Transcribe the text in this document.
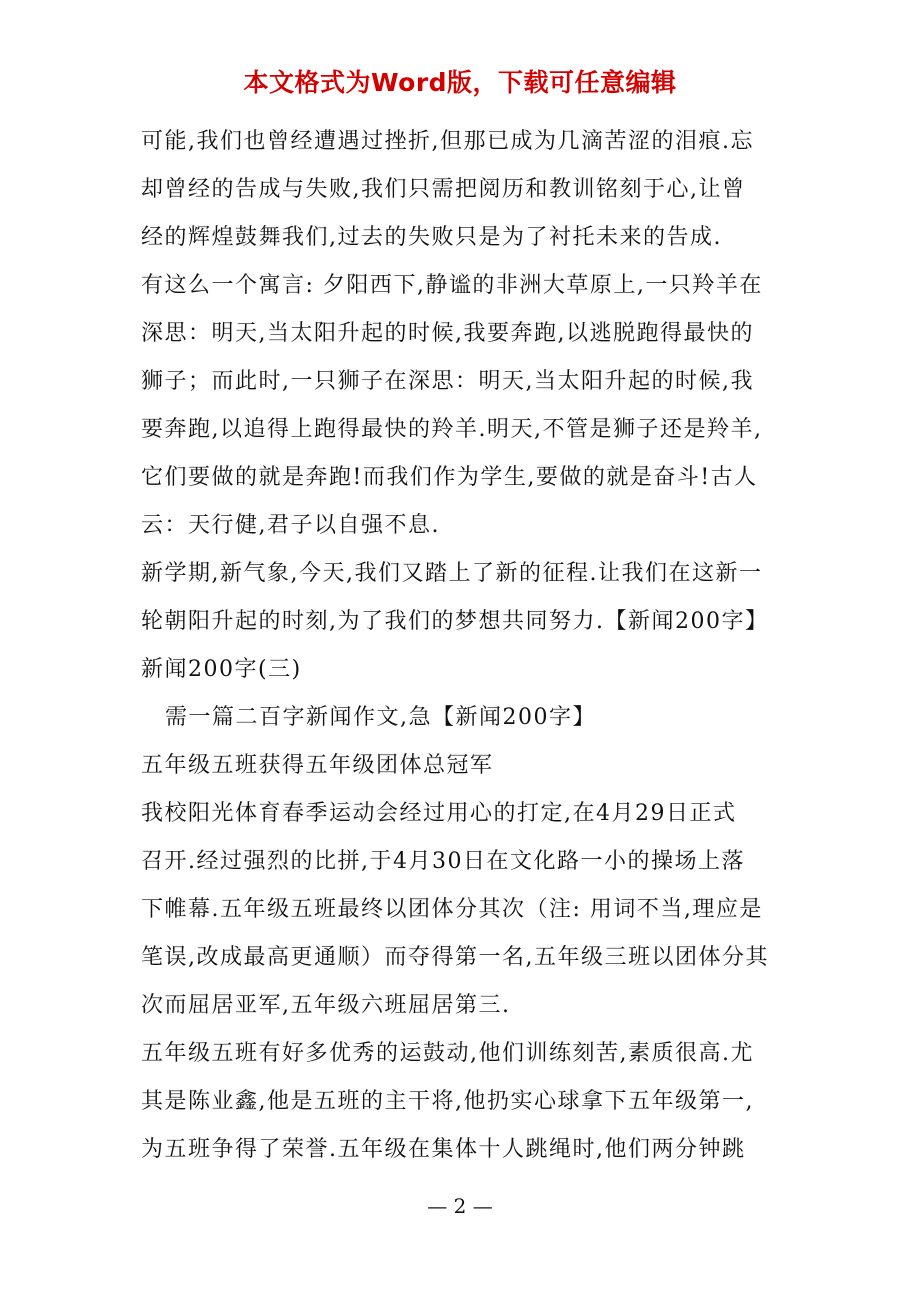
本文格式为Word版，下载可任意编辑
可能,我们也曾经遭遇过挫折,但那已成为几滴苦涩的泪痕.忘
却曾经的告成与失败,我们只需把阅历和教训铭刻于心,让曾
经的辉煌鼓舞我们,过去的失败只是为了衬托未来的告成.
有这么一个寓言: 夕阳西下,静谧的非洲大草原上,一只羚羊在
深思：明天,当太阳升起的时候,我要奔跑,以逃脱跑得最快的
狮子；而此时,一只狮子在深思：明天,当太阳升起的时候,我
要奔跑,以追得上跑得最快的羚羊.明天,不管是狮子还是羚羊,
它们要做的就是奔跑!而我们作为学生,要做的就是奋斗!古人
云：天行健,君子以自强不息.
新学期,新气象,今天,我们又踏上了新的征程.让我们在这新一
轮朝阳升起的时刻,为了我们的梦想共同努力.【新闻200字】
新闻200字(三)
需一篇二百字新闻作文,急【新闻200字】
五年级五班获得五年级团体总冠军
我校阳光体育春季运动会经过用心的打定,在4月29日正式
召开.经过强烈的比拼,于4月30日在文化路一小的操场上落
下帷幕.五年级五班最终以团体分其次（注: 用词不当,理应是
笔误,改成最高更通顺）而夺得第一名,五年级三班以团体分其
次而屈居亚军,五年级六班屈居第三.
五年级五班有好多优秀的运鼓动,他们训练刻苦,素质很高.尤
其是陈业鑫,他是五班的主干将,他扔实心球拿下五年级第一,
为五班争得了荣誉.五年级在集体十人跳绳时,他们两分钟跳
— 2 —
